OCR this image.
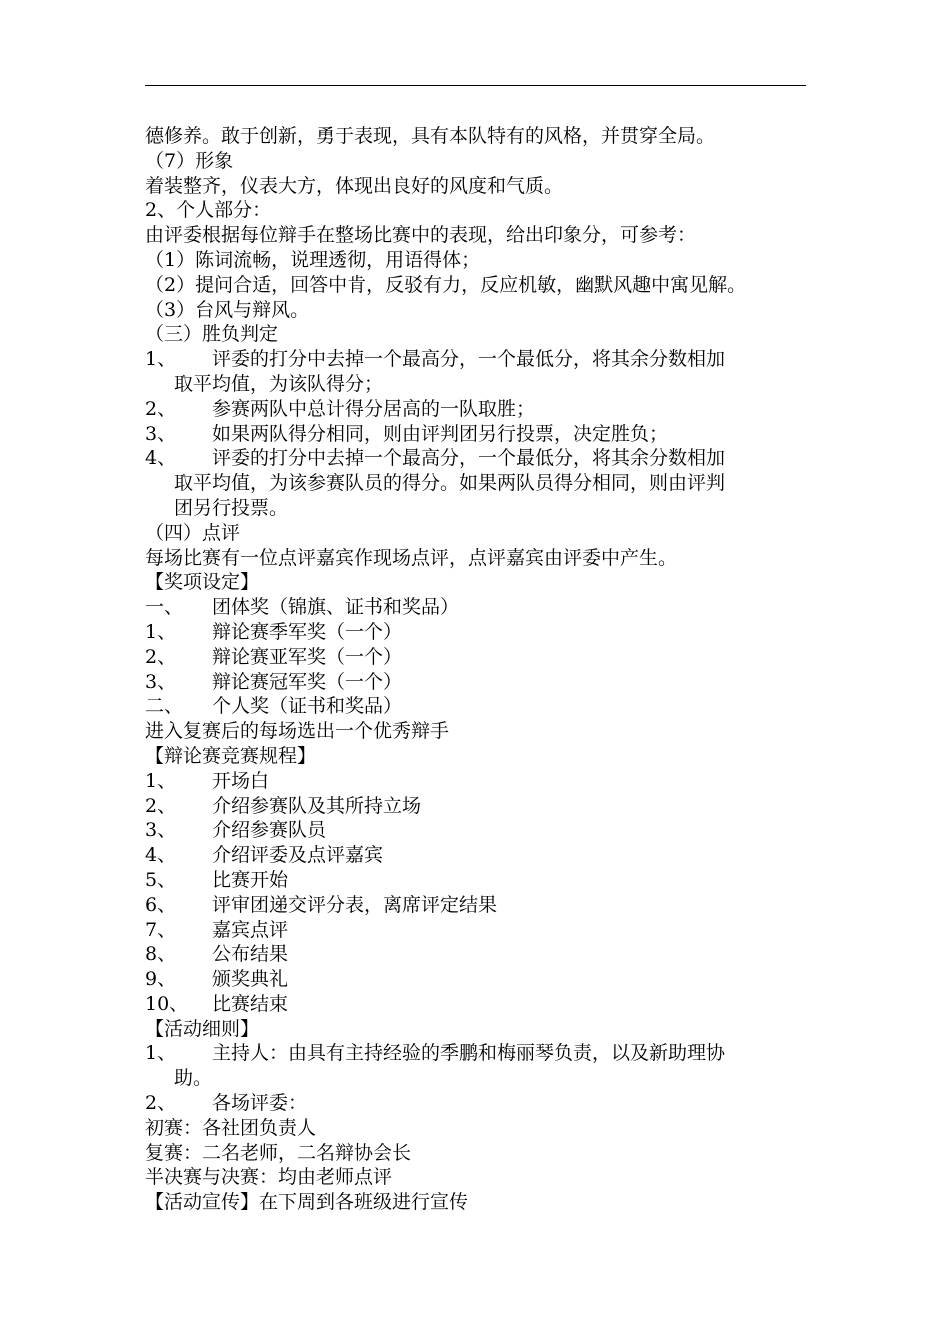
德修养。敢于创新，勇于表现，具有本队特有的风格，并贯穿全局。
（7）形象
着装整齐，仪表大方，体现出良好的风度和气质。
2、个人部分：
由评委根据每位辩手在整场比赛中的表现，给出印象分，可参考：
（1）陈词流畅，说理透彻，用语得体；
（2）提问合适，回答中肯，反驳有力，反应机敏，幽默风趣中寓见解。
（3）台风与辩风。
（三）胜负判定
1、	评委的打分中去掉一个最高分，一个最低分，将其余分数相加
取平均值，为该队得分；
2、	参赛两队中总计得分居高的一队取胜；
3、	如果两队得分相同，则由评判团另行投票，决定胜负；
4、	评委的打分中去掉一个最高分，一个最低分，将其余分数相加
取平均值，为该参赛队员的得分。如果两队员得分相同，则由评判
团另行投票。
（四）点评
每场比赛有一位点评嘉宾作现场点评，点评嘉宾由评委中产生。
【奖项设定】
一、	团体奖（锦旗、证书和奖品）
1、	辩论赛季军奖（一个）
2、	辩论赛亚军奖（一个）
3、	辩论赛冠军奖（一个）
二、	个人奖（证书和奖品）
进入复赛后的每场选出一个优秀辩手
【辩论赛竞赛规程】
1、	开场白
2、	介绍参赛队及其所持立场
3、	介绍参赛队员
4、	介绍评委及点评嘉宾
5、	比赛开始
6、	评审团递交评分表，离席评定结果
7、	嘉宾点评
8、	公布结果
9、	颁奖典礼
10、	比赛结束
【活动细则】
1、	主持人：由具有主持经验的季鹏和梅丽琴负责，以及新助理协
助。
2、	各场评委：
初赛：各社团负责人
复赛：二名老师，二名辩协会长
半决赛与决赛：均由老师点评
【活动宣传】在下周到各班级进行宣传
